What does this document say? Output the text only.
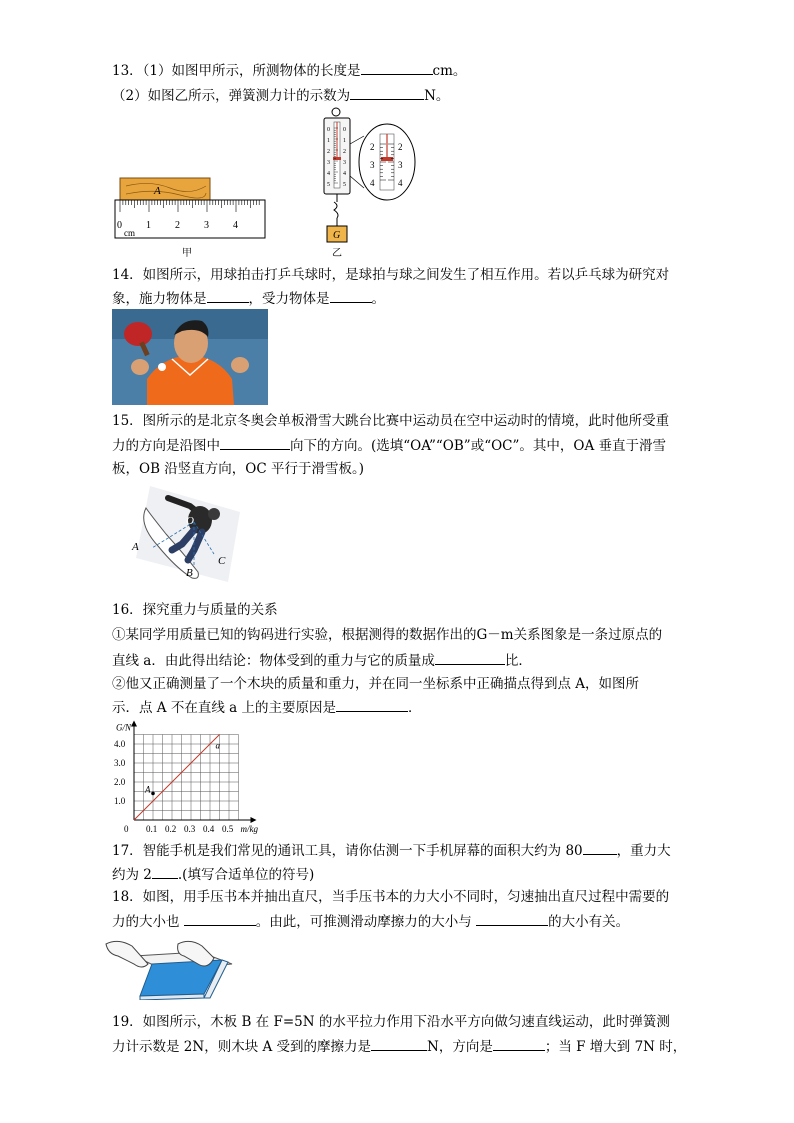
13．（1）如图甲所示，所测物体的长度是	cm。
（2）如图乙所示，弹簧测力计的示数为	N。
A
0 1 2 3 4
cm
甲
0
1
2
3
4
5
0
1
2
3
4
5
G
乙
2
3
4
2
3
4
14．如图所示，用球拍击打乒乓球时，是球拍与球之间发生了相互作用。若以乒乓球为研究对
象，施力物体是	，受力物体是	。
15．图所示的是北京冬奥会单板滑雪大跳台比赛中运动员在空中运动时的情境，此时他所受重
力的方向是沿图中	向下的方向。(选填“OA”“OB”或“OC”。其中，OA 垂直于滑雪
板，OB 沿竖直方向，OC 平行于滑雪板。)
O
A
B
C
16．探究重力与质量的关系
①某同学用质量已知的钩码进行实验，根据测得的数据作出的G－m关系图象是一条过原点的
直线 a．由此得出结论：物体受到的重力与它的质量成	比．
②他又正确测量了一个木块的质量和重力，并在同一坐标系中正确描点得到点 A，如图所
示．点 A 不在直线 a 上的主要原因是	．
0.1 0.2 0.3 0.4 0.5
1.0
2.0
3.0
4.0
0	m/kg
G/N
a
A
17．智能手机是我们常见的通讯工具，请你估测一下手机屏幕的面积大约为 80	，重力大
约为 2 .(填写合适单位的符号)
18．如图，用手压书本并抽出直尺，当手压书本的力大小不同时，匀速抽出直尺过程中需要的
力的大小也	。由此，可推测滑动摩擦力的大小与	的大小有关。
19．如图所示，木板 B 在 F=5N 的水平拉力作用下沿水平方向做匀速直线运动，此时弹簧测
力计示数是 2N，则木块 A 受到的摩擦力是	N，方向是	；当 F 增大到 7N 时，
